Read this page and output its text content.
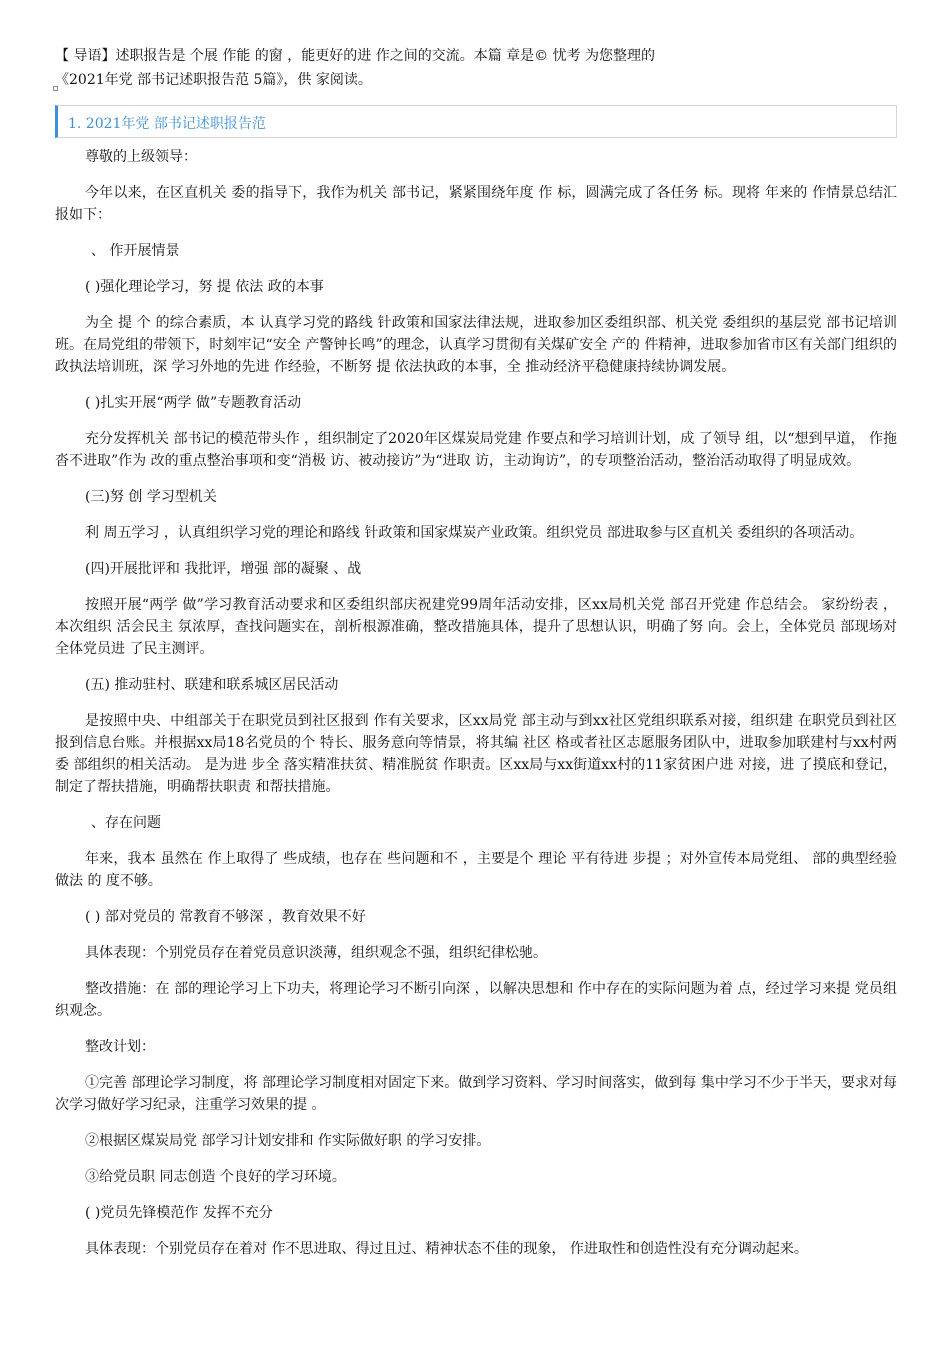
【 导语】述职报告是 个展 作能 的窗 ，能更好的进 作之间的交流。本篇 章是© 忧考 为您整理的
《2021年党 部书记述职报告范 5篇》，供 家阅读。
1. 2021年党 部书记述职报告范

尊敬的上级领导：

今年以来，在区直机关 委的指导下，我作为机关 部书记，紧紧围绕年度 作 标，圆满完成了各任务 标。现将 年来的 作情景总结汇报如下：

、 作开展情景

( )强化理论学习，努 提 依法 政的本事

为全 提 个 的综合素质，本 认真学习党的路线 针政策和国家法律法规，进取参加区委组织部、机关党 委组织的基层党 部书记培训班。在局党组的带领下，时刻牢记“安全 产警钟长鸣”的理念，认真学习贯彻有关煤矿安全 产的 件精神，进取参加省市区有关部门组织的 政执法培训班，深 学习外地的先进 作经验，不断努 提 依法执政的本事，全 推动经济平稳健康持续协调发展。

( )扎实开展“两学 做”专题教育活动

充分发挥机关 部书记的模范带头作 ，组织制定了2020年区煤炭局党建 作要点和学习培训计划，成 了领导 组，以“想到早道， 作拖沓不进取”作为 改的重点整治事项和变“消极 访、被动接访”为“进取 访，主动询访”，的专项整治活动，整治活动取得了明显成效。

(三)努 创 学习型机关

利 周五学习 ，认真组织学习党的理论和路线 针政策和国家煤炭产业政策。组织党员 部进取参与区直机关 委组织的各项活动。

(四)开展批评和 我批评，增强 部的凝聚 、战

按照开展“两学 做”学习教育活动要求和区委组织部庆祝建党99周年活动安排，区xx局机关党 部召开党建 作总结会。 家纷纷表 ，本次组织 活会民主 氛浓厚，查找问题实在，剖析根源准确，整改措施具体，提升了思想认识，明确了努 向。会上，全体党员 部现场对全体党员进 了民主测评。

(五) 推动驻村、联建和联系城区居民活动

是按照中央、中组部关于在职党员到社区报到 作有关要求，区xx局党 部主动与到xx社区党组织联系对接，组织建 在职党员到社区报到信息台账。并根据xx局18名党员的个 特长、服务意向等情景，将其编 社区 格或者社区志愿服务团队中，进取参加联建村与xx村两委 部组织的相关活动。 是为进 步全 落实精准扶贫、精准脱贫 作职责。区xx局与xx街道xx村的11家贫困户进 对接，进 了摸底和登记，制定了帮扶措施，明确帮扶职责 和帮扶措施。

、存在问题

年来，我本 虽然在 作上取得了 些成绩，也存在 些问题和不 ，主要是个 理论 平有待进 步提 ；对外宣传本局党组、 部的典型经验做法 的 度不够。

( ) 部对党员的 常教育不够深 ，教育效果不好

具体表现：个别党员存在着党员意识淡薄，组织观念不强，组织纪律松驰。

整改措施：在 部的理论学习上下功夫，将理论学习不断引向深 ，以解决思想和 作中存在的实际问题为着 点，经过学习来提 党员组织观念。

整改计划：

①完善 部理论学习制度，将 部理论学习制度相对固定下来。做到学习资料、学习时间落实，做到每 集中学习不少于半天，要求对每次学习做好学习纪录，注重学习效果的提 。

②根据区煤炭局党 部学习计划安排和 作实际做好职 的学习安排。

③给党员职 同志创造 个良好的学习环境。

( )党员先锋模范作 发挥不充分

具体表现：个别党员存在着对 作不思进取、得过且过、精神状态不佳的现象， 作进取性和创造性没有充分调动起来。
